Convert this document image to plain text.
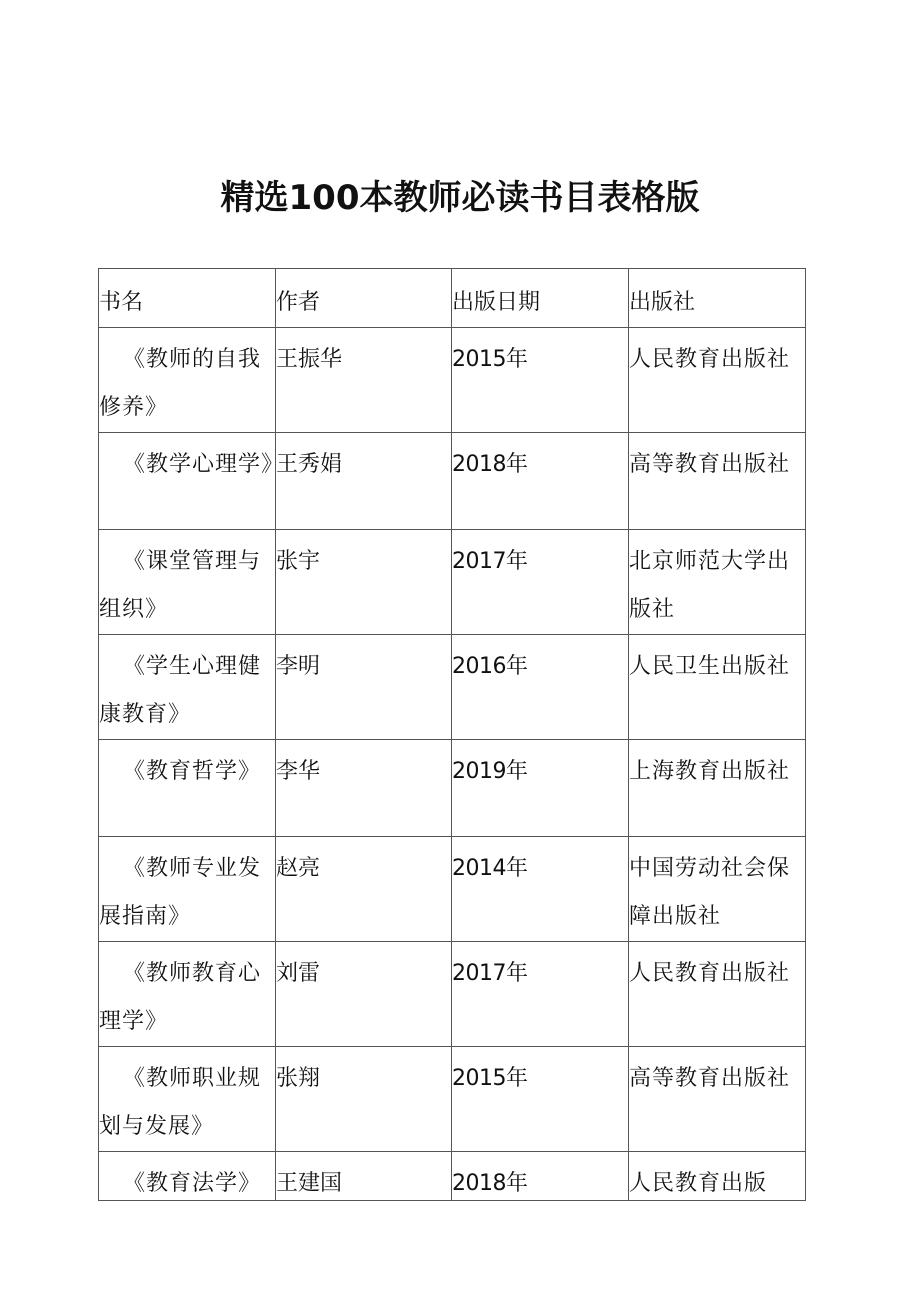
精选100本教师必读书目表格版
书名	作者	出版日期	出版社
《教师的自我修养》	王振华	2015年	人民教育出版社
《教学心理学》	王秀娟	2018年	高等教育出版社
《课堂管理与组织》	张宇	2017年	北京师范大学出版社
《学生心理健康教育》	李明	2016年	人民卫生出版社
《教育哲学》	李华	2019年	上海教育出版社
《教师专业发展指南》	赵亮	2014年	中国劳动社会保障出版社
《教师教育心理学》	刘雷	2017年	人民教育出版社
《教师职业规划与发展》	张翔	2015年	高等教育出版社

《教育法学》	王建国	2018年	人民教育出版
